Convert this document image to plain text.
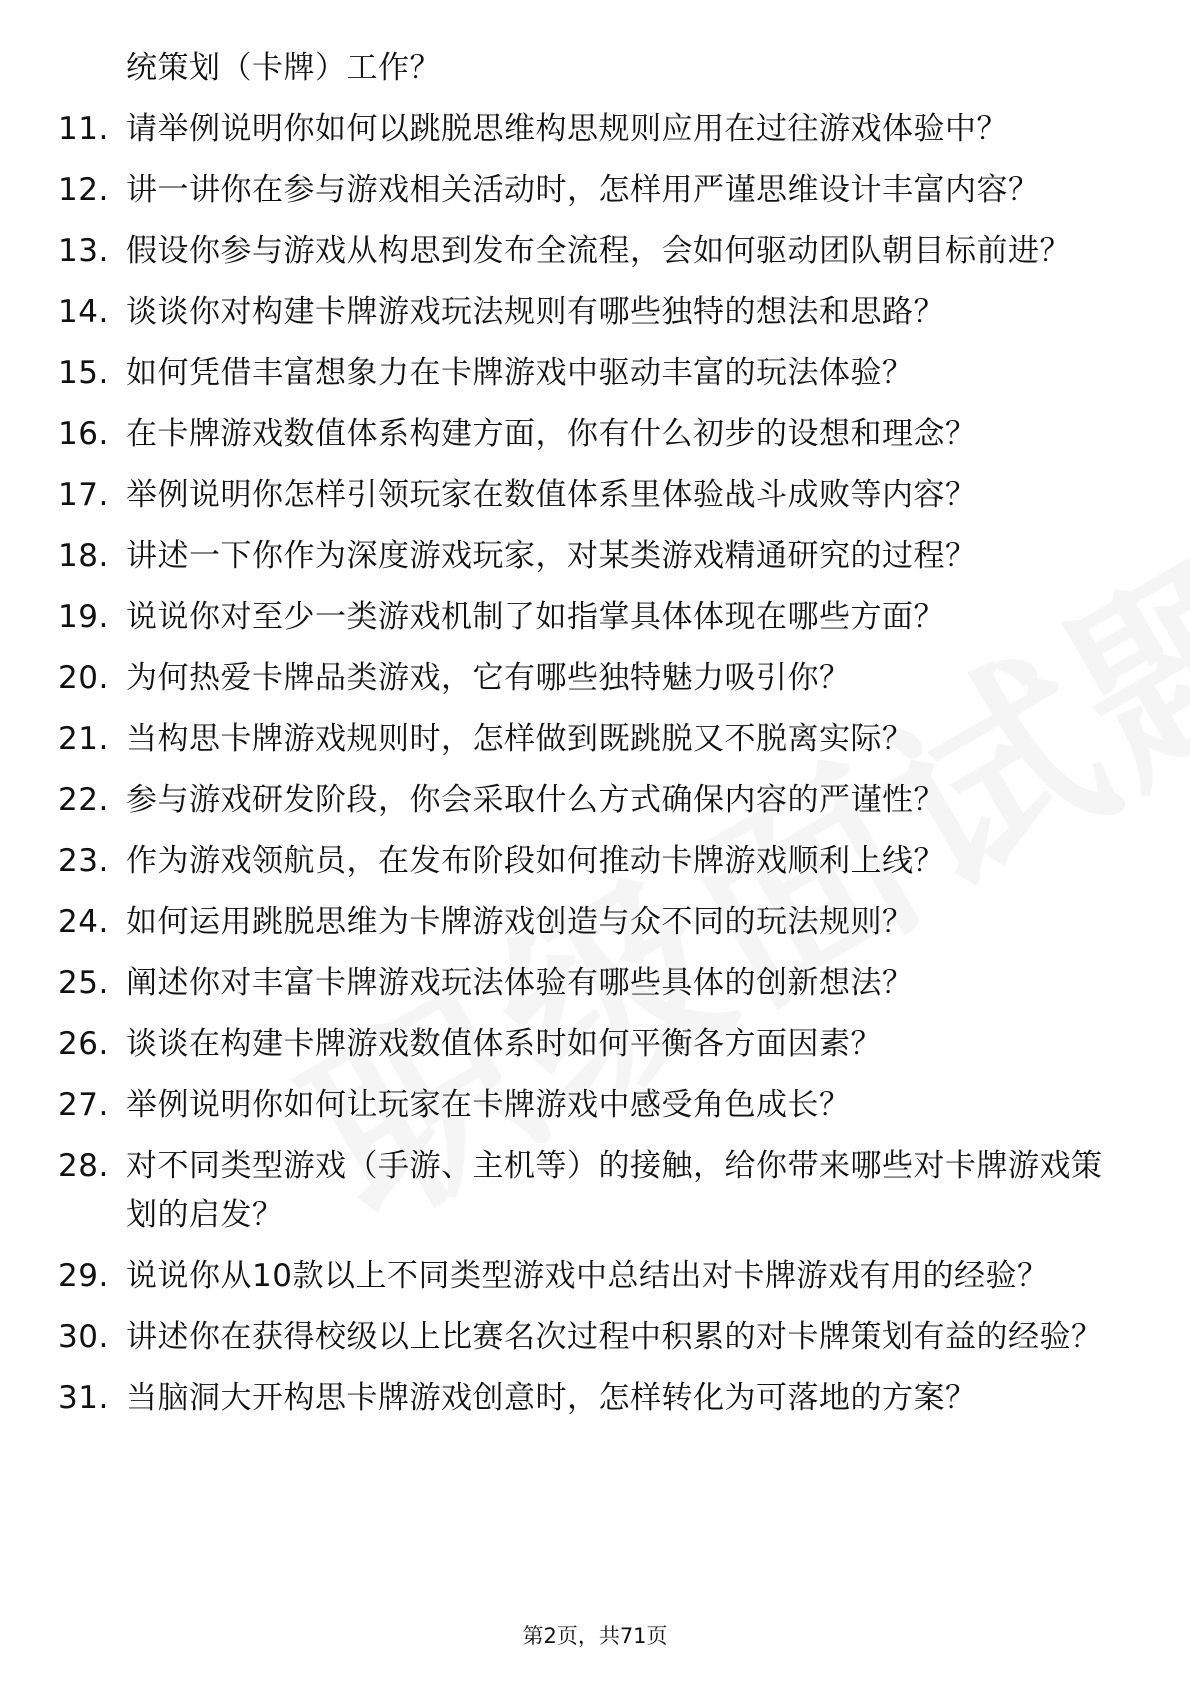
统策划（卡牌）工作？
11. 请举例说明你如何以跳脱思维构思规则应用在过往游戏体验中？
12. 讲一讲你在参与游戏相关活动时，怎样用严谨思维设计丰富内容？
13. 假设你参与游戏从构思到发布全流程，会如何驱动团队朝目标前进？
14. 谈谈你对构建卡牌游戏玩法规则有哪些独特的想法和思路？
15. 如何凭借丰富想象力在卡牌游戏中驱动丰富的玩法体验？
16. 在卡牌游戏数值体系构建方面，你有什么初步的设想和理念？
17. 举例说明你怎样引领玩家在数值体系里体验战斗成败等内容？
18. 讲述一下你作为深度游戏玩家，对某类游戏精通研究的过程？
19. 说说你对至少一类游戏机制了如指掌具体体现在哪些方面？
20. 为何热爱卡牌品类游戏，它有哪些独特魅力吸引你？
21. 当构思卡牌游戏规则时，怎样做到既跳脱又不脱离实际？
22. 参与游戏研发阶段，你会采取什么方式确保内容的严谨性？
23. 作为游戏领航员，在发布阶段如何推动卡牌游戏顺利上线？
24. 如何运用跳脱思维为卡牌游戏创造与众不同的玩法规则？
25. 阐述你对丰富卡牌游戏玩法体验有哪些具体的创新想法？
26. 谈谈在构建卡牌游戏数值体系时如何平衡各方面因素？
27. 举例说明你如何让玩家在卡牌游戏中感受角色成长？
28. 对不同类型游戏（手游、主机等）的接触，给你带来哪些对卡牌游戏策划的启发？
29. 说说你从10款以上不同类型游戏中总结出对卡牌游戏有用的经验？
30. 讲述你在获得校级以上比赛名次过程中积累的对卡牌策划有益的经验？
31. 当脑洞大开构思卡牌游戏创意时，怎样转化为可落地的方案？
第2页，共71页
